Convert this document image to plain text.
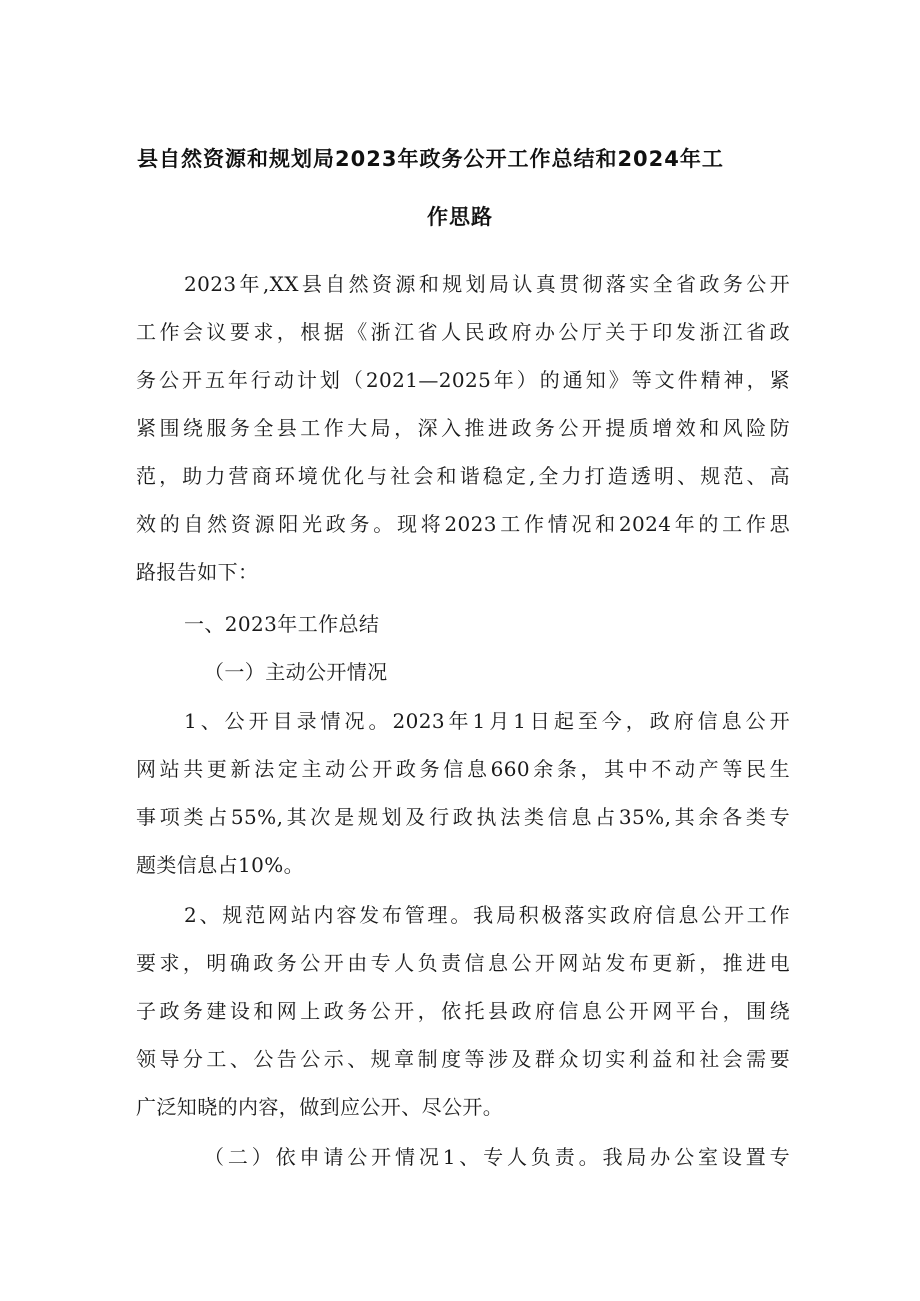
县自然资源和规划局2023年政务公开工作总结和2024年工
作思路
2023年,XX县自然资源和规划局认真贯彻落实全省政务公开
工作会议要求，根据《浙江省人民政府办公厅关于印发浙江省政
务公开五年行动计划（2021—2025年）的通知》等文件精神，紧
紧围绕服务全县工作大局，深入推进政务公开提质增效和风险防
范，助力营商环境优化与社会和谐稳定,全力打造透明、规范、高
效的自然资源阳光政务。现将2023工作情况和2024年的工作思
路报告如下：
一、2023年工作总结
（一）主动公开情况
1、公开目录情况。2023年1月1日起至今，政府信息公开
网站共更新法定主动公开政务信息660余条，其中不动产等民生
事项类占55%,其次是规划及行政执法类信息占35%,其余各类专
题类信息占10%。
2、规范网站内容发布管理。我局积极落实政府信息公开工作
要求，明确政务公开由专人负责信息公开网站发布更新，推进电
子政务建设和网上政务公开，依托县政府信息公开网平台，围绕
领导分工、公告公示、规章制度等涉及群众切实利益和社会需要
广泛知晓的内容，做到应公开、尽公开。
（二）依申请公开情况1、专人负责。我局办公室设置专
